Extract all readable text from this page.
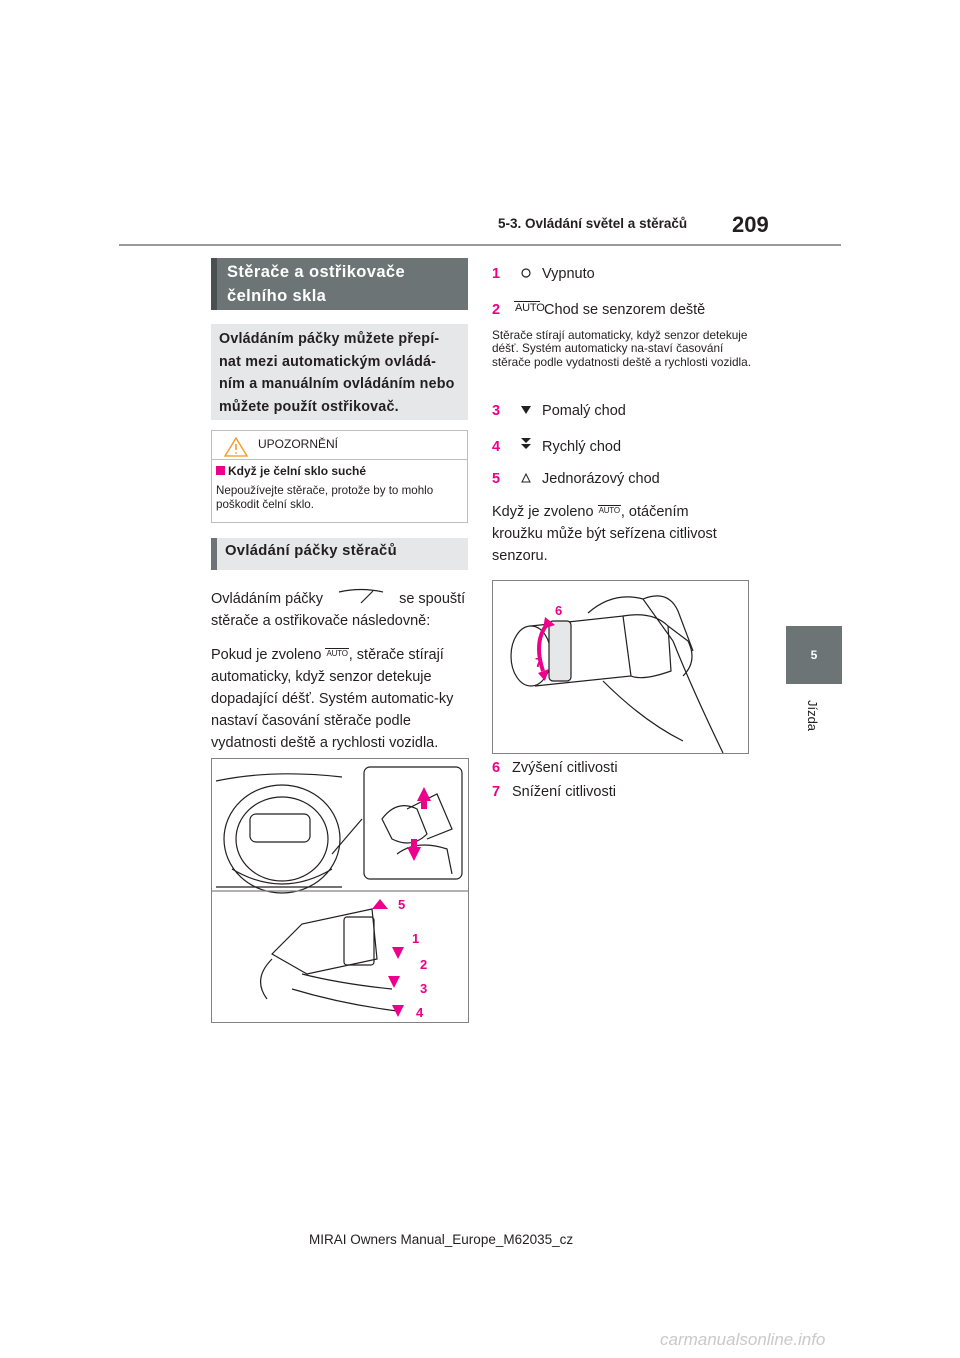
5-3. Ovládání světel a stěračů 209
5
Jízda
Stěrače a ostřikovače čelního skla
Ovládáním páčky můžete přepí-nat mezi automatickým ovládá-ním a manuálním ovládáním nebo můžete použít ostřikovač.
UPOZORNĚNÍ
Když je čelní sklo suché
Nepoužívejte stěrače, protože by to mohlo poškodit čelní sklo.
Ovládání páčky stěračů
Ovládáním páčky	se spouští
stěrače a ostřikovače následovně:
Pokud je zvoleno $^{AUTO}$, stěrače stírají
automaticky, když senzor detekuje dopadající déšť. Systém automatic-ky nastaví časování stěrače podle vydatnosti deště a rychlosti vozidla.
5
1
2
3
4
1	Vypnuto
2 AUTO Chod se senzorem deště
Stěrače stírají automaticky, když senzor detekuje déšť. Systém automaticky na-staví časování stěrače podle vydatnosti deště a rychlosti vozidla.
3	Pomalý chod
4	Rychlý chod
5	Jednorázový chod
Když je zvoleno $^{AUTO}$, otáčením
kroužku může být seřízena citlivost senzoru.
6
7
6 Zvýšení citlivosti
7 Snížení citlivosti
MIRAI Owners Manual_Europe_M62035_cz
carmanualsonline.info
